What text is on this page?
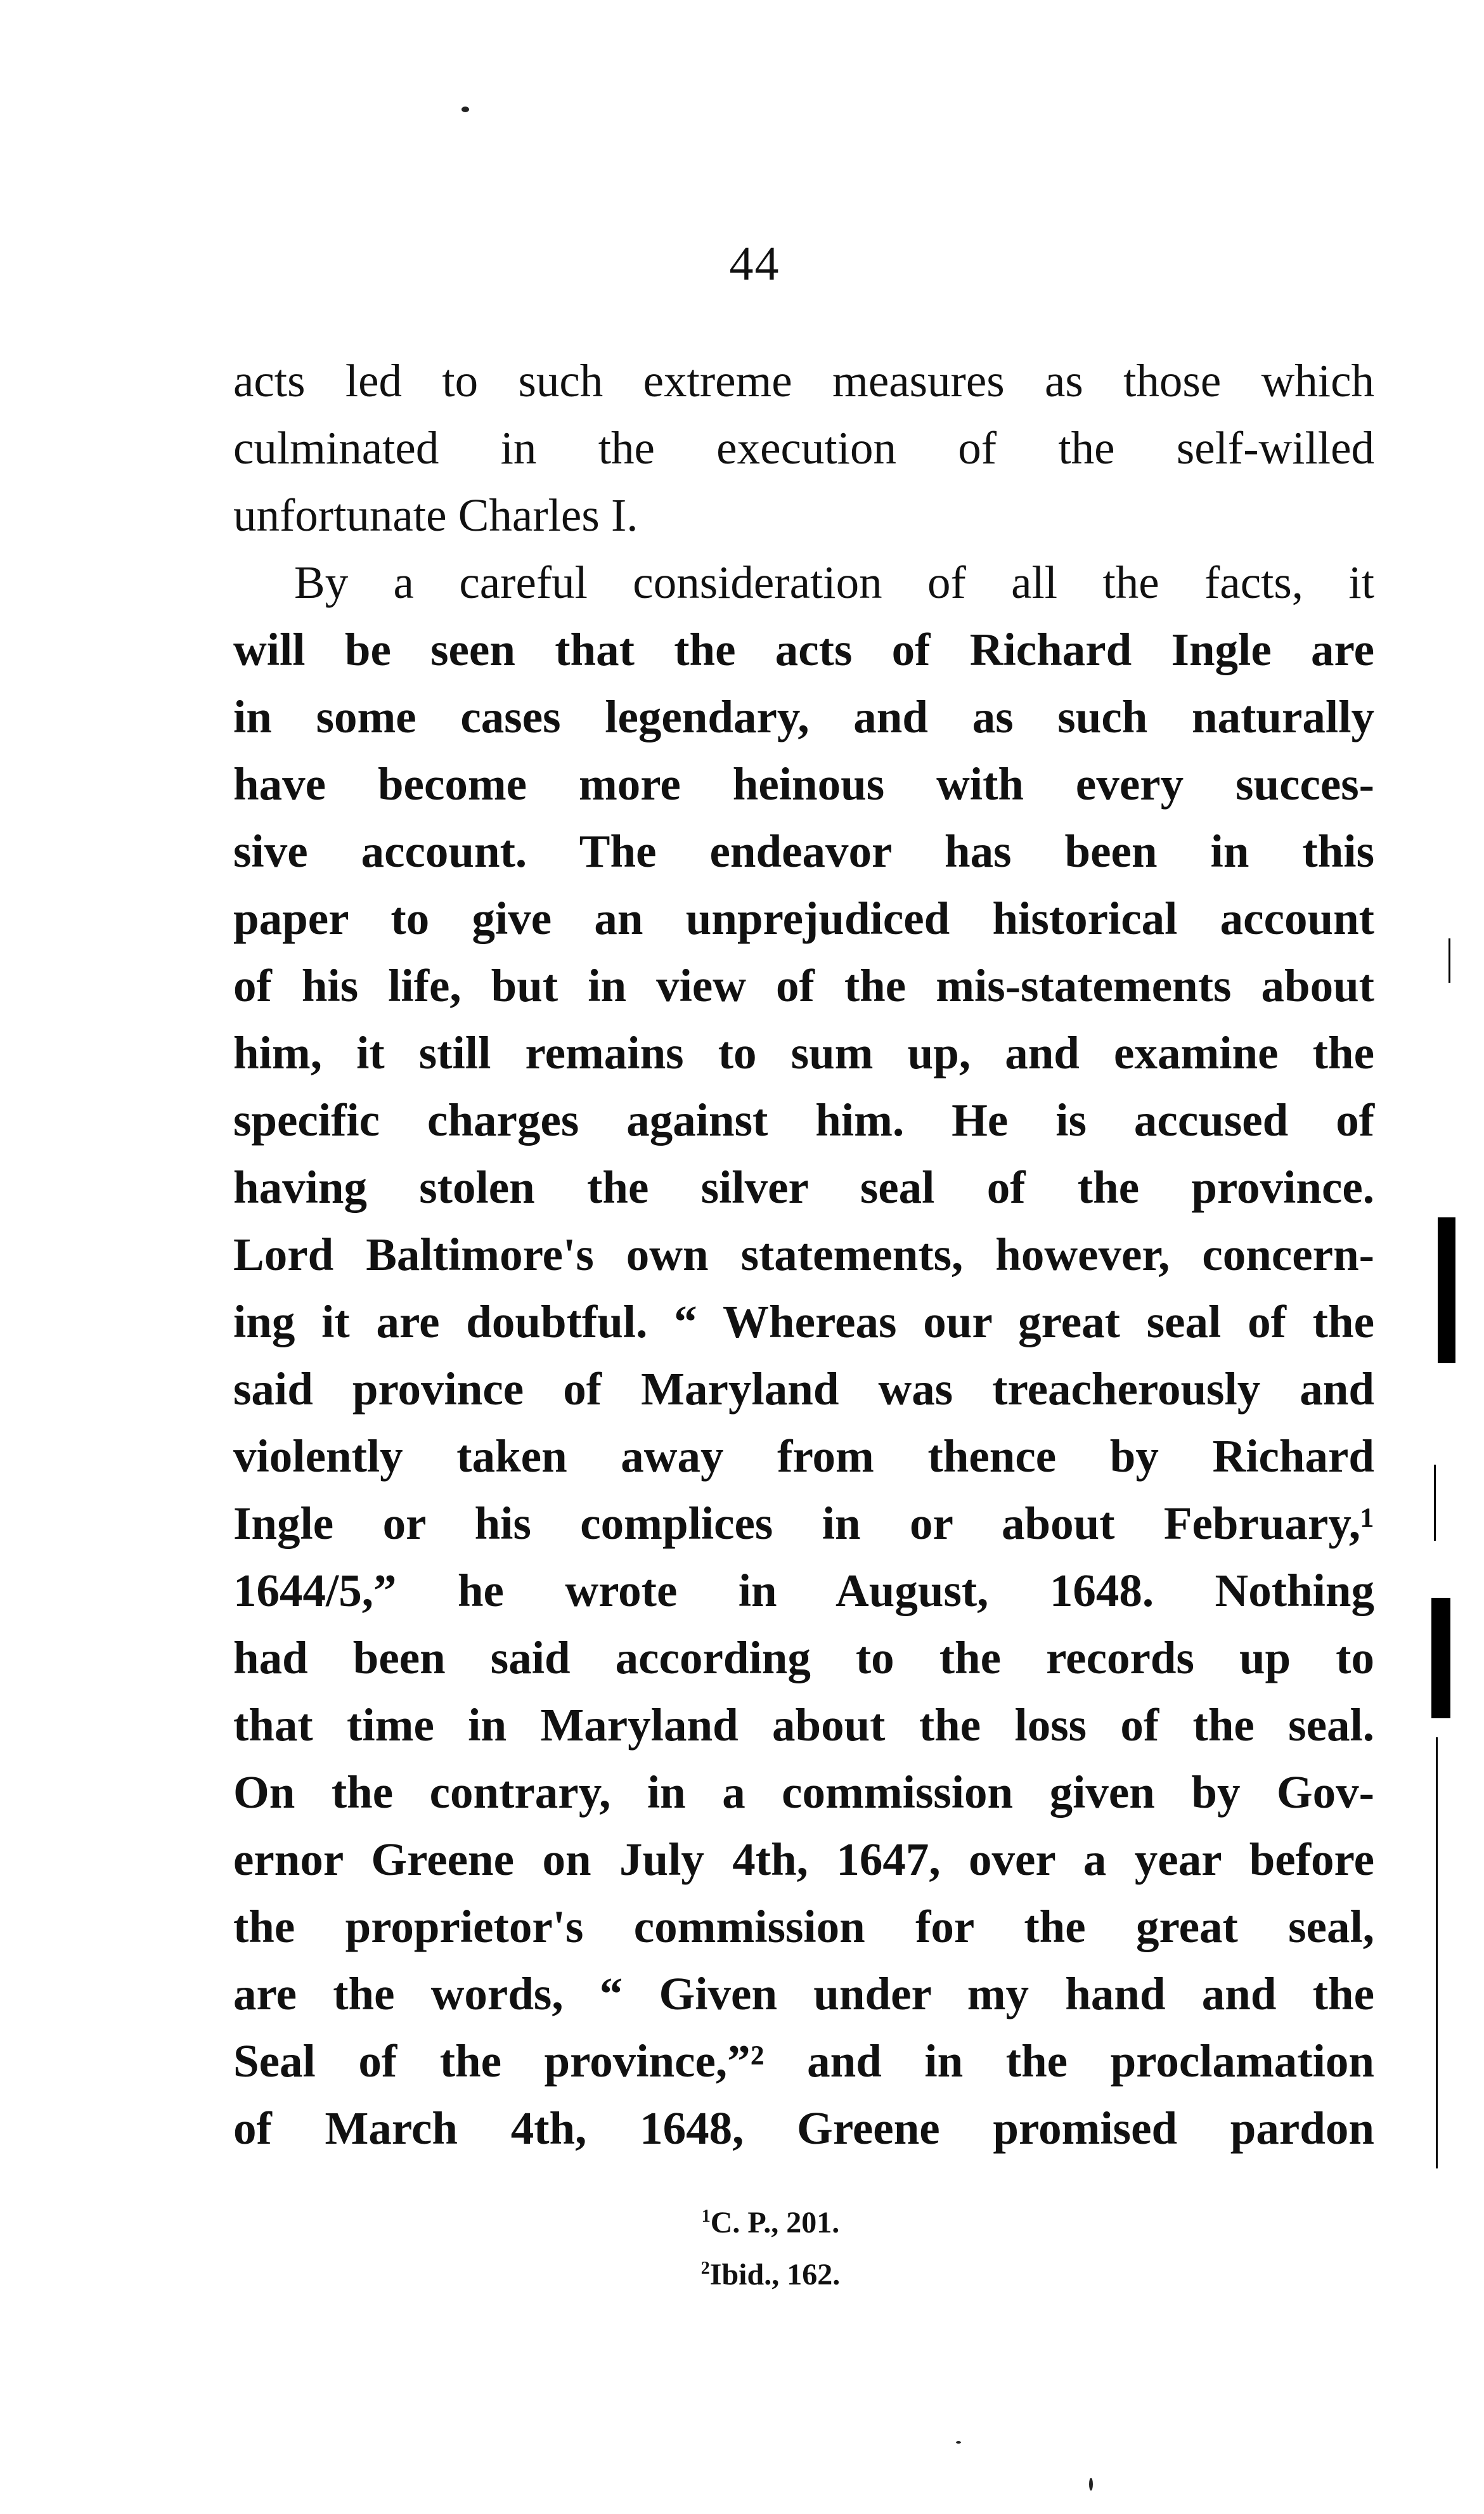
44
acts led to such extreme measures as those which
culminated in the execution of the self-willed
unfortunate Charles I.
By a careful consideration of all the facts, it
will be seen that the acts of Richard Ingle are
in some cases legendary, and as such naturally
have become more heinous with every succes-
sive account. The endeavor has been in this
paper to give an unprejudiced historical account
of his life, but in view of the mis-statements about
him, it still remains to sum up, and examine the
specific charges against him. He is accused of
having stolen the silver seal of the province.
Lord Baltimore's own statements, however, concern-
ing it are doubtful. “ Whereas our great seal of the
said province of Maryland was treacherously and
violently taken away from thence by Richard
Ingle or his complices in or about February,¹
1644/5,” he wrote in August, 1648. Nothing
had been said according to the records up to
that time in Maryland about the loss of the seal.
On the contrary, in a commission given by Gov-
ernor Greene on July 4th, 1647, over a year before
the proprietor's commission for the great seal,
are the words, “ Given under my hand and the
Seal of the province,”² and in the proclamation
of March 4th, 1648, Greene promised pardon
$^1$C. P., 201.
$^2$Ibid., 162.
